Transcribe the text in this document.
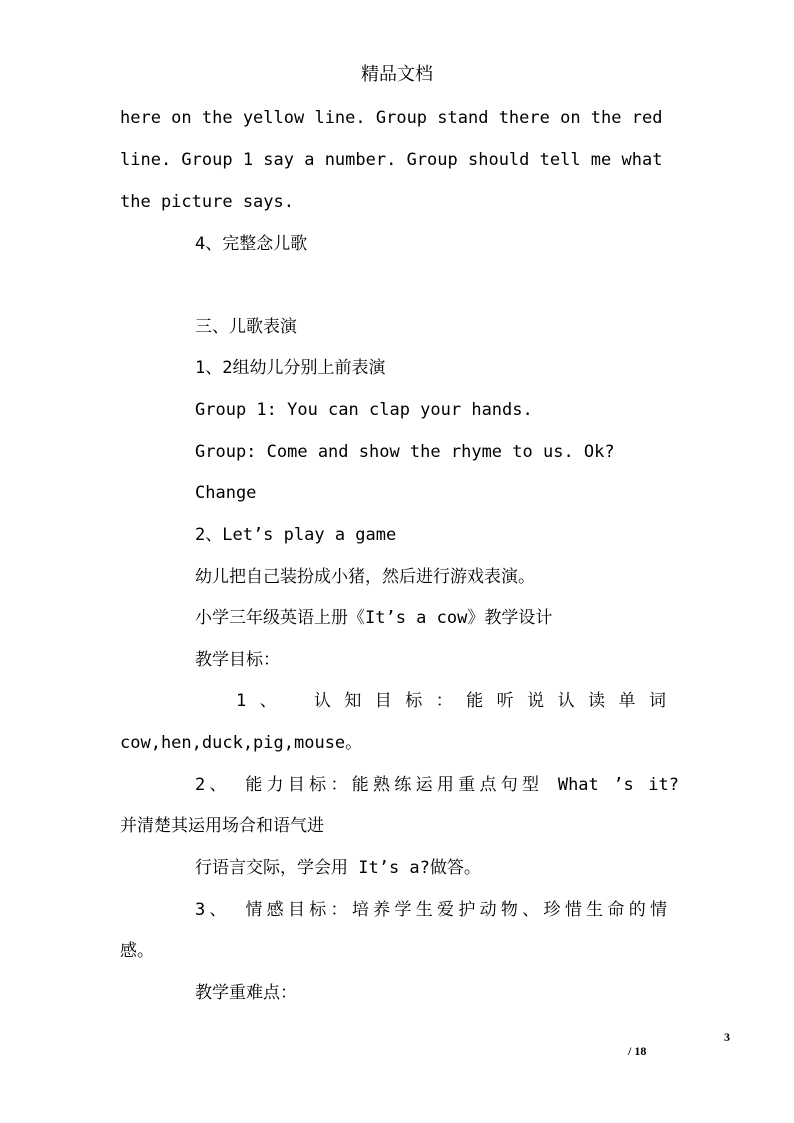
精品文档
here on the yellow line. Group stand there on the red
line. Group 1 say a number. Group should tell me what
the picture says.
4、完整念儿歌
三、儿歌表演
1、2组幼儿分别上前表演
Group 1: You can clap your hands.
Group: Come and show the rhyme to us. Ok?
Change
2、Let’s play a game
幼儿把自己装扮成小猪，然后进行游戏表演。
小学三年级英语上册《It’s a cow》教学设计
教学目标：
1、 认知目标：能听说认读单词
cow,hen,duck,pig,mouse。
2、 能力目标：能熟练运用重点句型 What ’s it?
并清楚其运用场合和语气进
行语言交际，学会用 It’s a?做答。
3、 情感目标：培养学生爱护动物、珍惜生命的情
感。
教学重难点：
3
/ 18
